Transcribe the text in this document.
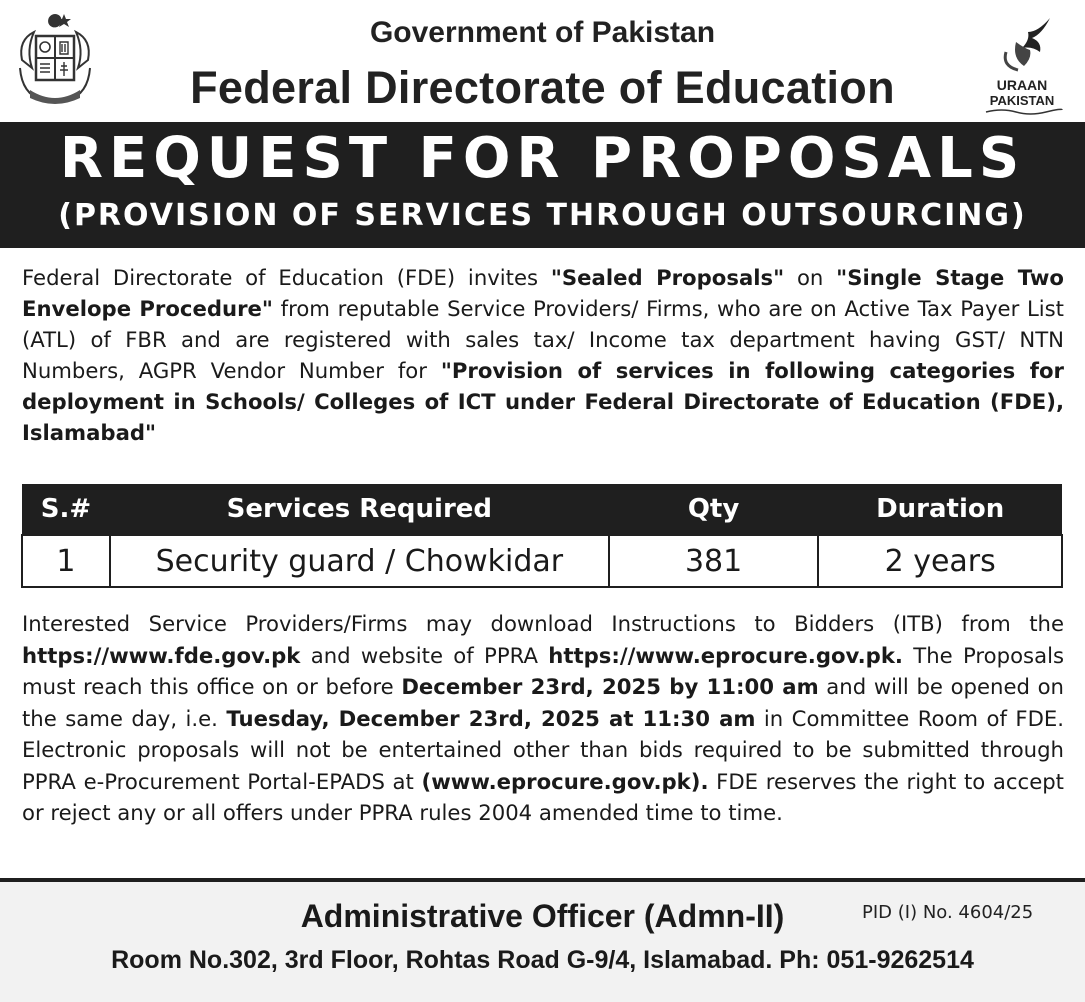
Government of Pakistan
Federal Directorate of Education	URAAN
PAKISTAN
REQUEST FOR PROPOSALS
(PROVISION OF SERVICES THROUGH OUTSOURCING)
Federal Directorate of Education (FDE) invites "Sealed Proposals" on "Single Stage Two Envelope Procedure" from reputable Service Providers/ Firms, who are on Active Tax Payer List (ATL) of FBR and are registered with sales tax/ Income tax department having GST/ NTN Numbers, AGPR Vendor Number for "Provision of services in following categories for deployment in Schools/ Colleges of ICT under Federal Directorate of Education (FDE), Islamabad"
S.#	Services Required	Qty	Duration
1	Security guard / Chowkidar	381	2 years
Interested Service Providers/Firms may download Instructions to Bidders (ITB) from the https://www.fde.gov.pk and website of PPRA https://www.eprocure.gov.pk. The Proposals must reach this office on or before December 23rd, 2025 by 11:00 am and will be opened on the same day, i.e. Tuesday, December 23rd, 2025 at 11:30 am in Committee Room of FDE. Electronic proposals will not be entertained other than bids required to be submitted through PPRA e-Procurement Portal-EPADS at (www.eprocure.gov.pk). FDE reserves the right to accept or reject any or all offers under PPRA rules 2004 amended time to time.
Administrative Officer (Admn-II)	PID (I) No. 4604/25
Room No.302, 3rd Floor, Rohtas Road G-9/4, Islamabad. Ph: 051-9262514
